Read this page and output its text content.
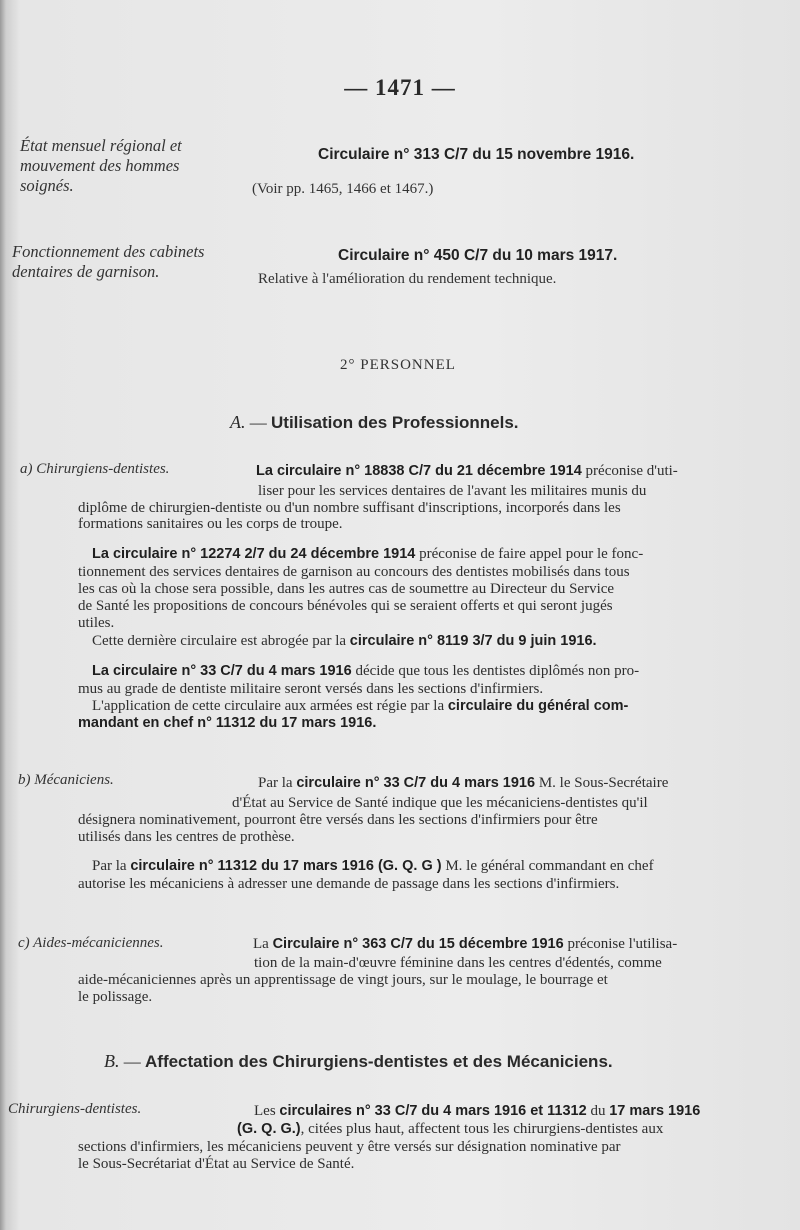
— 1471 —
État mensuel régional et
mouvement des hommes
soignés.
Circulaire n° 313 C/7 du 15 novembre 1916.
(Voir pp. 1465, 1466 et 1467.)
Fonctionnement des cabinets
dentaires de garnison.
Circulaire n° 450 C/7 du 10 mars 1917.
Relative à l'amélioration du rendement technique.
2° PERSONNEL
A. — Utilisation des Professionnels.
a) Chirurgiens-dentistes.	La circulaire n° 18838 C/7 du 21 décembre 1914 préconise d'uti-
liser pour les services dentaires de l'avant les militaires munis du
diplôme de chirurgien-dentiste ou d'un nombre suffisant d'inscriptions, incorporés dans les
formations sanitaires ou les corps de troupe.
La circulaire n° 12274 2/7 du 24 décembre 1914 préconise de faire appel pour le fonc-
tionnement des services dentaires de garnison au concours des dentistes mobilisés dans tous
les cas où la chose sera possible, dans les autres cas de soumettre au Directeur du Service
de Santé les propositions de concours bénévoles qui se seraient offerts et qui seront jugés
utiles.
Cette dernière circulaire est abrogée par la circulaire n° 8119 3/7 du 9 juin 1916.
La circulaire n° 33 C/7 du 4 mars 1916 décide que tous les dentistes diplômés non pro-
mus au grade de dentiste militaire seront versés dans les sections d'infirmiers.
L'application de cette circulaire aux armées est régie par la circulaire du général com-
mandant en chef n° 11312 du 17 mars 1916.
b) Mécaniciens.	Par la circulaire n° 33 C/7 du 4 mars 1916 M. le Sous-Secrétaire
d'État au Service de Santé indique que les mécaniciens-dentistes qu'il
désignera nominativement, pourront être versés dans les sections d'infirmiers pour être
utilisés dans les centres de prothèse.
Par la circulaire n° 11312 du 17 mars 1916 (G. Q. G ) M. le général commandant en chef
autorise les mécaniciens à adresser une demande de passage dans les sections d'infirmiers.
c) Aides-mécaniciennes.	La Circulaire n° 363 C/7 du 15 décembre 1916 préconise l'utilisa-
tion de la main-d'œuvre féminine dans les centres d'édentés, comme
aide-mécaniciennes après un apprentissage de vingt jours, sur le moulage, le bourrage et
le polissage.
B. — Affectation des Chirurgiens-dentistes et des Mécaniciens.
Chirurgiens-dentistes.	Les circulaires n° 33 C/7 du 4 mars 1916 et 11312 du 17 mars 1916
(G. Q. G.), citées plus haut, affectent tous les chirurgiens-dentistes aux
sections d'infirmiers, les mécaniciens peuvent y être versés sur désignation nominative par
le Sous-Secrétariat d'État au Service de Santé.
